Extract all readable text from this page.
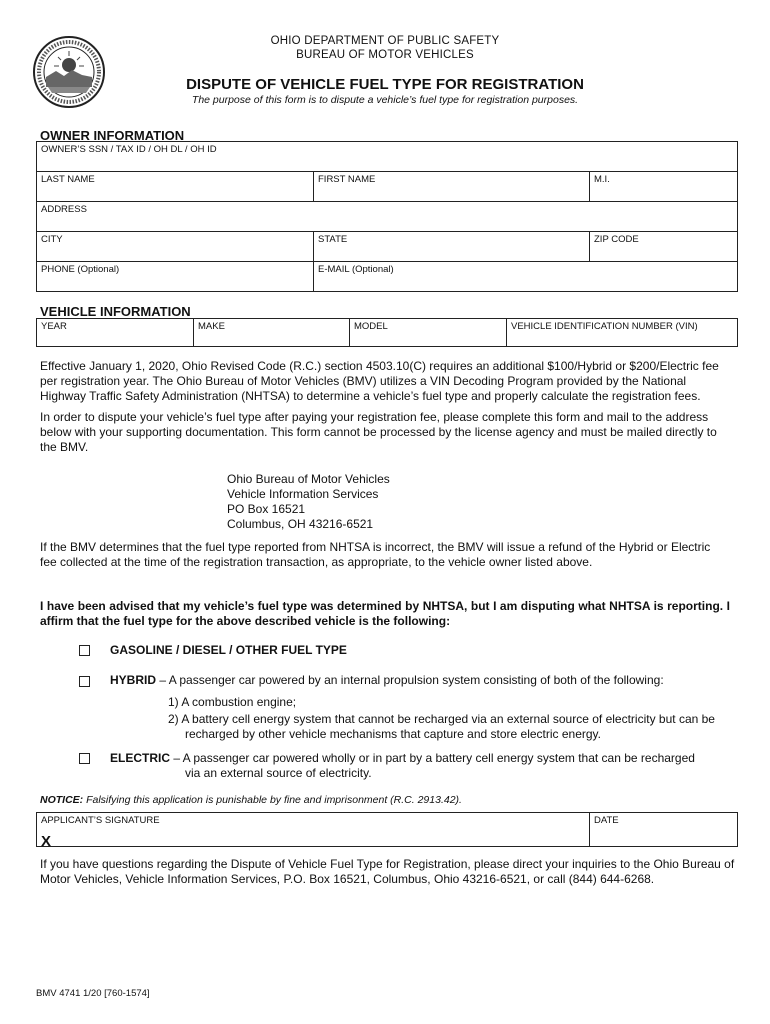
OHIO DEPARTMENT OF PUBLIC SAFETY
BUREAU OF MOTOR VEHICLES
DISPUTE OF VEHICLE FUEL TYPE FOR REGISTRATION
The purpose of this form is to dispute a vehicle’s fuel type for registration purposes.
OWNER INFORMATION
OWNER’S SSN / TAX ID / OH DL / OH ID		
LAST NAME	FIRST NAME	M.I.
ADDRESS		
CITY	STATE	ZIP CODE
PHONE (Optional)	E-MAIL (Optional)	
VEHICLE INFORMATION
YEAR	MAKE	MODEL	VEHICLE IDENTIFICATION NUMBER (VIN)
Effective January 1, 2020, Ohio Revised Code (R.C.) section 4503.10(C) requires an additional $100/Hybrid or $200/Electric fee per registration year. The Ohio Bureau of Motor Vehicles (BMV) utilizes a VIN Decoding Program provided by the National Highway Traffic Safety Administration (NHTSA) to determine a vehicle’s fuel type and properly calculate the registration fees.
In order to dispute your vehicle’s fuel type after paying your registration fee, please complete this form and mail to the address below with your supporting documentation. This form cannot be processed by the license agency and must be mailed directly to the BMV.
Ohio Bureau of Motor Vehicles
Vehicle Information Services
PO Box 16521
Columbus, OH 43216-6521
If the BMV determines that the fuel type reported from NHTSA is incorrect, the BMV will issue a refund of the Hybrid or Electric fee collected at the time of the registration transaction, as appropriate, to the vehicle owner listed above.
I have been advised that my vehicle’s fuel type was determined by NHTSA, but I am disputing what NHTSA is reporting. I affirm that the fuel type for the above described vehicle is the following:
GASOLINE / DIESEL / OTHER FUEL TYPE
HYBRID – A passenger car powered by an internal propulsion system consisting of both of the following:
1) A combustion engine;
2) A battery cell energy system that cannot be recharged via an external source of electricity but can be
recharged by other vehicle mechanisms that capture and store electric energy.
ELECTRIC – A passenger car powered wholly or in part by a battery cell energy system that can be recharged
via an external source of electricity.
NOTICE: Falsifying this application is punishable by fine and imprisonment (R.C. 2913.42).
APPLICANT’S SIGNATURE
X
	DATE
If you have questions regarding the Dispute of Vehicle Fuel Type for Registration, please direct your inquiries to the Ohio Bureau of Motor Vehicles, Vehicle Information Services, P.O. Box 16521, Columbus, Ohio 43216-6521, or call (844) 644-6268.
BMV 4741 1/20 [760-1574]
